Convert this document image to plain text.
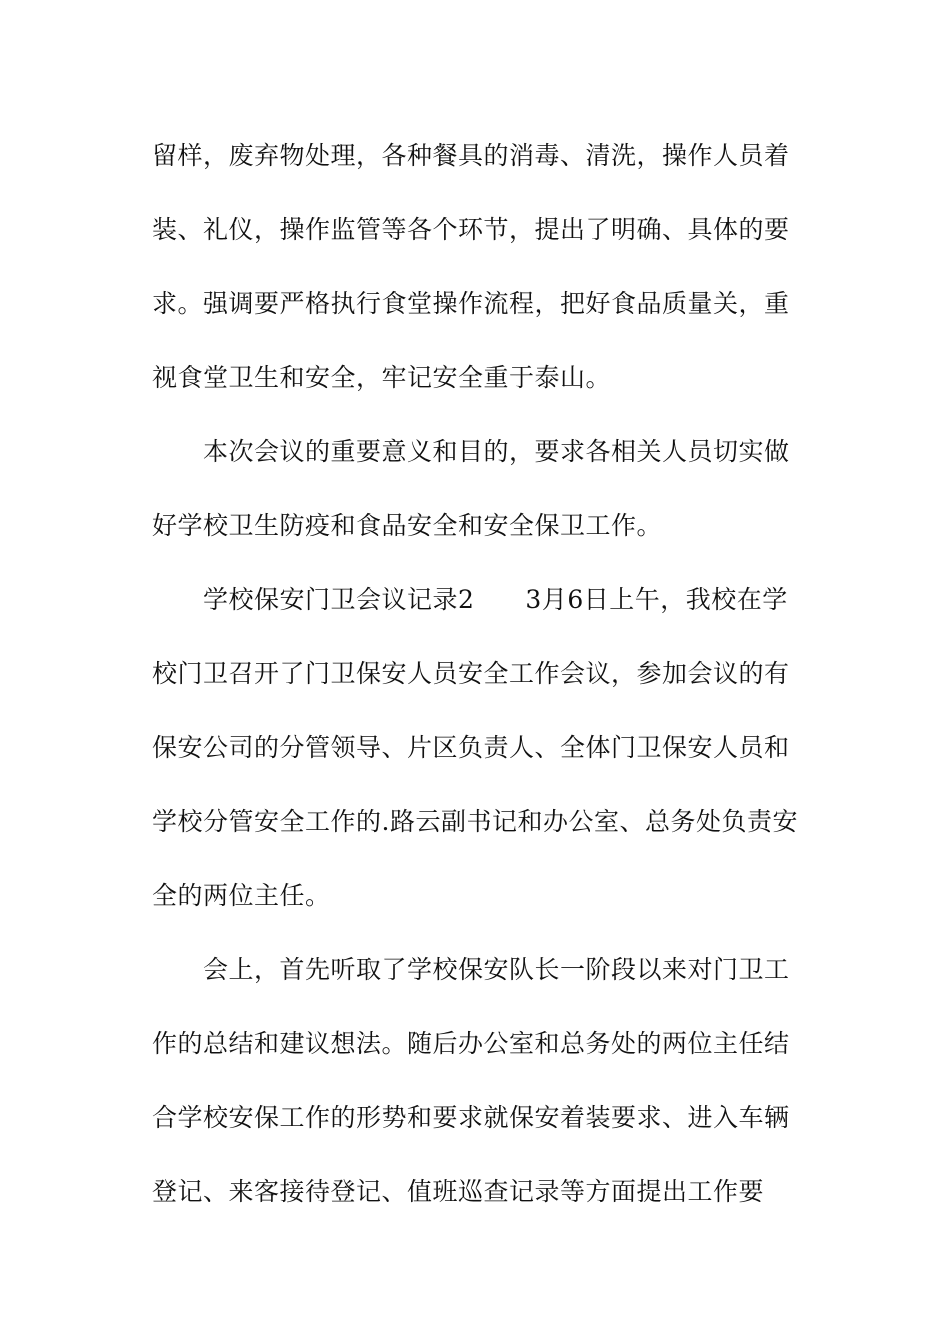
留样，废弃物处理，各种餐具的消毒、清洗，操作人员着
装、礼仪，操作监管等各个环节，提出了明确、具体的要
求。强调要严格执行食堂操作流程，把好食品质量关，重
视食堂卫生和安全，牢记安全重于泰山。
　　本次会议的重要意义和目的，要求各相关人员切实做
好学校卫生防疫和食品安全和安全保卫工作。
　　学校保安门卫会议记录2　　3月6日上午，我校在学
校门卫召开了门卫保安人员安全工作会议，参加会议的有
保安公司的分管领导、片区负责人、全体门卫保安人员和
学校分管安全工作的.路云副书记和办公室、总务处负责安
全的两位主任。
　　会上，首先听取了学校保安队长一阶段以来对门卫工
作的总结和建议想法。随后办公室和总务处的两位主任结
合学校安保工作的形势和要求就保安着装要求、进入车辆
登记、来客接待登记、值班巡查记录等方面提出工作要
